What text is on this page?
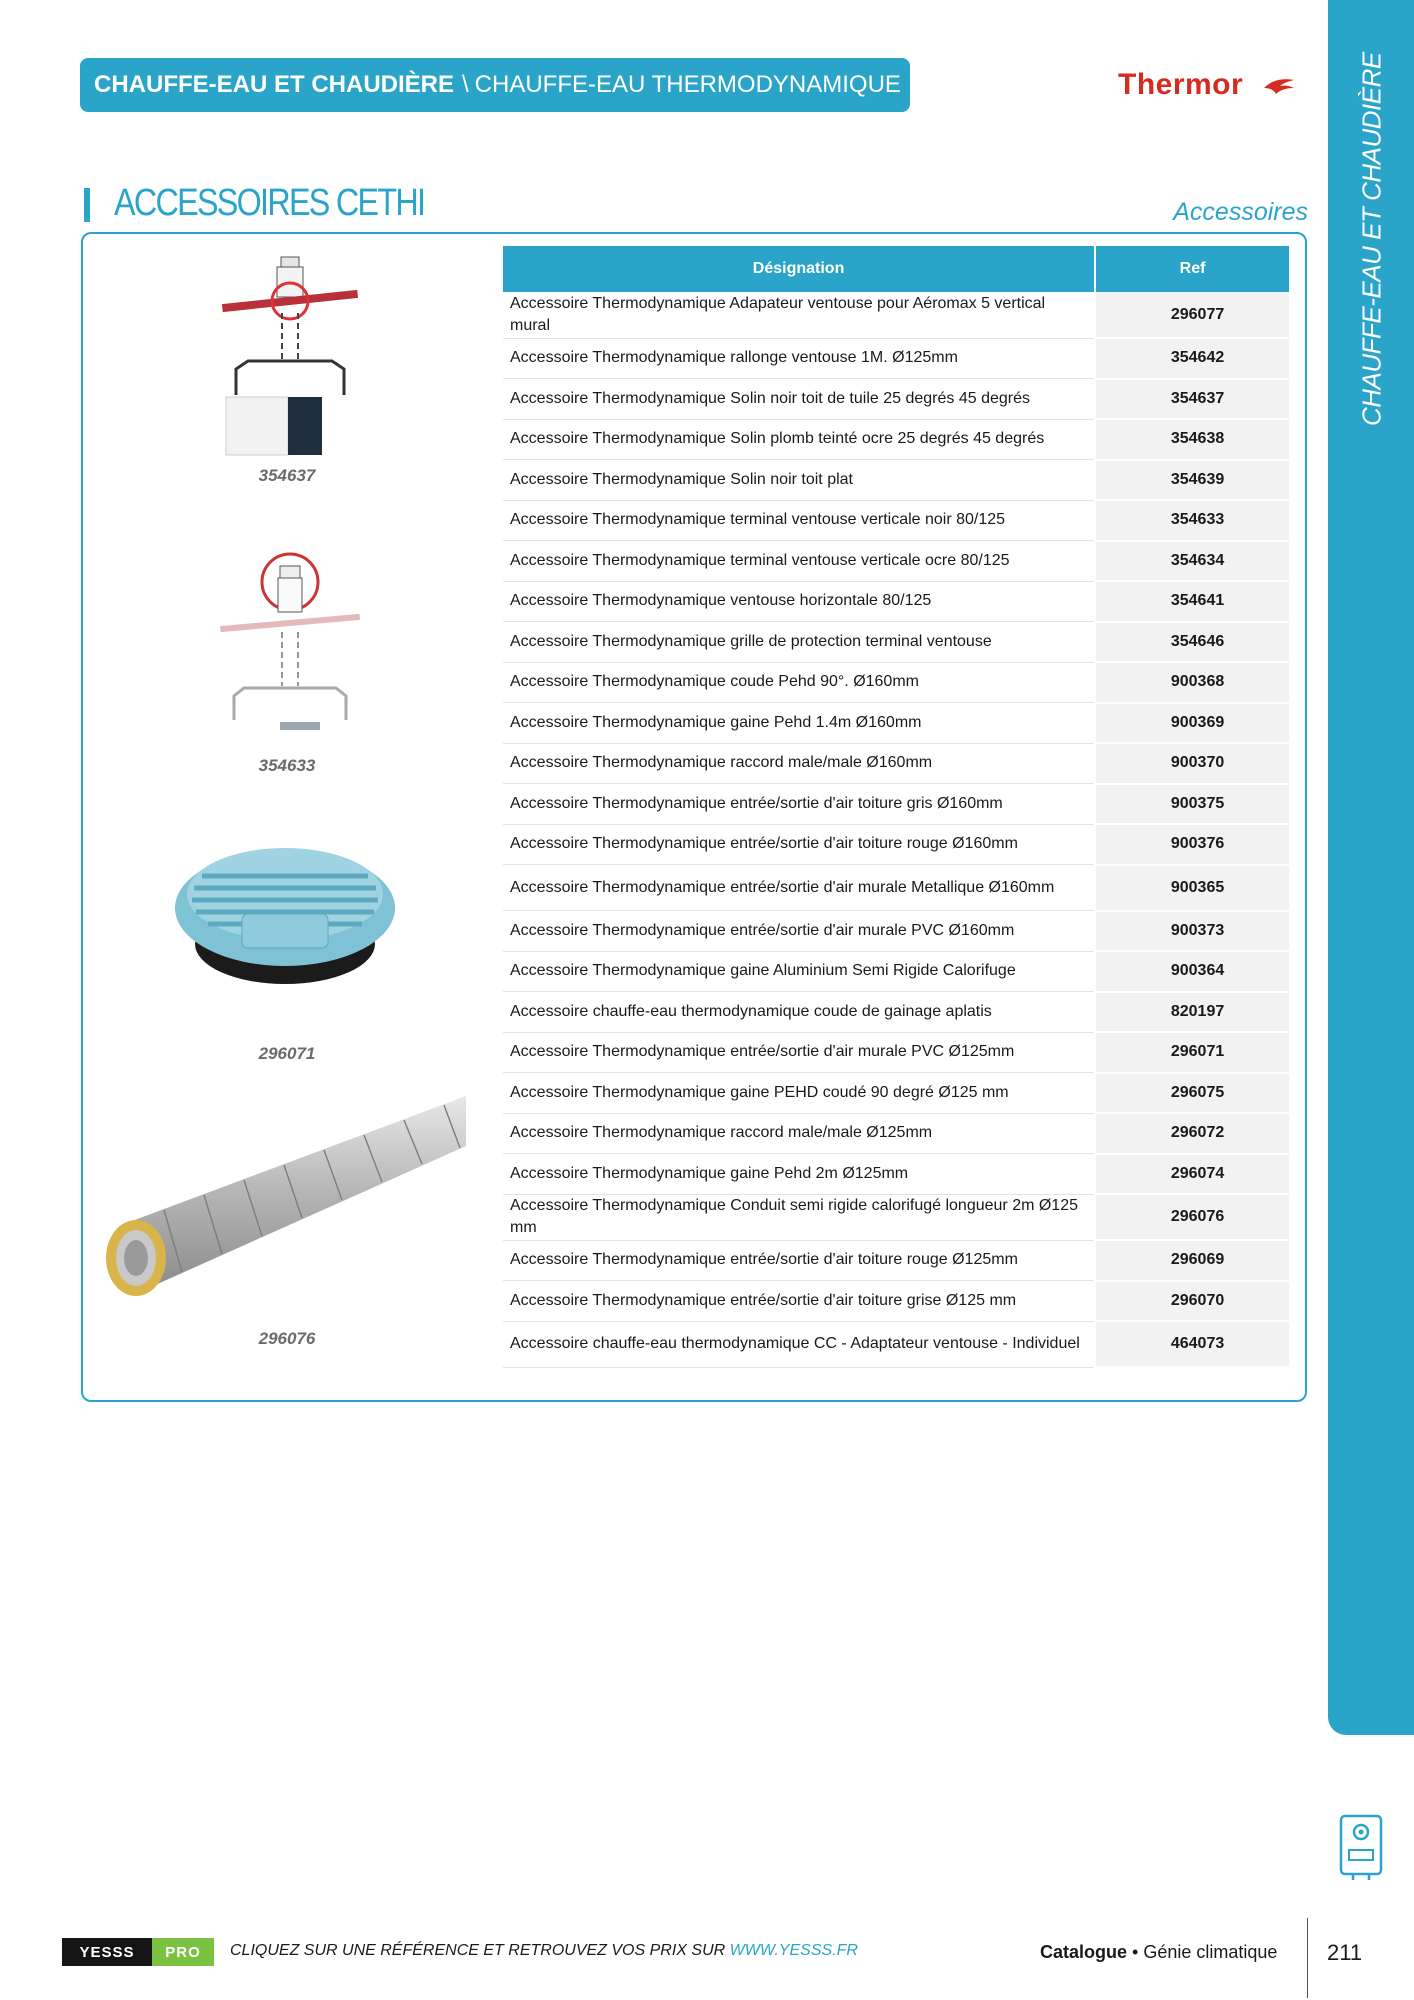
CHAUFFE-EAU ET CHAUDIÈRE \ CHAUFFE-EAU THERMODYNAMIQUE	Thermor	CHAUFFE-EAU ET CHAUDIÈRE
ACCESSOIRES CETHI	Accessoires
354637
354633
296071
296076
Désignation	Ref
Accessoire Thermodynamique Adapateur ventouse pour Aéromax 5 vertical mural	296077
Accessoire Thermodynamique rallonge ventouse 1M. Ø125mm	354642
Accessoire Thermodynamique Solin noir toit de tuile 25 degrés 45 degrés	354637
Accessoire Thermodynamique Solin plomb teinté ocre 25 degrés 45 degrés	354638
Accessoire Thermodynamique Solin noir toit plat	354639
Accessoire Thermodynamique terminal ventouse verticale noir 80/125	354633
Accessoire Thermodynamique terminal ventouse verticale ocre 80/125	354634
Accessoire Thermodynamique ventouse horizontale 80/125	354641
Accessoire Thermodynamique grille de protection terminal ventouse	354646
Accessoire Thermodynamique coude Pehd 90°. Ø160mm	900368
Accessoire Thermodynamique gaine Pehd 1.4m Ø160mm	900369
Accessoire Thermodynamique raccord male/male Ø160mm	900370
Accessoire Thermodynamique entrée/sortie d'air toiture gris Ø160mm	900375
Accessoire Thermodynamique entrée/sortie d'air toiture rouge Ø160mm	900376
Accessoire Thermodynamique entrée/sortie d'air murale Metallique Ø160mm	900365
Accessoire Thermodynamique entrée/sortie d'air murale PVC Ø160mm	900373
Accessoire Thermodynamique gaine Aluminium Semi Rigide Calorifuge	900364
Accessoire chauffe-eau thermodynamique coude de gainage aplatis	820197
Accessoire Thermodynamique entrée/sortie d'air murale PVC Ø125mm	296071
Accessoire Thermodynamique gaine PEHD coudé 90 degré Ø125 mm	296075
Accessoire Thermodynamique raccord male/male Ø125mm	296072
Accessoire Thermodynamique gaine Pehd 2m Ø125mm	296074
Accessoire Thermodynamique Conduit semi rigide calorifugé longueur 2m Ø125 mm	296076
Accessoire Thermodynamique entrée/sortie d'air toiture rouge Ø125mm	296069
Accessoire Thermodynamique entrée/sortie d'air toiture grise Ø125 mm	296070
Accessoire chauffe-eau thermodynamique CC - Adaptateur ventouse - Individuel	464073
YESSS	PRO	CLIQUEZ SUR UNE RÉFÉRENCE ET RETROUVEZ VOS PRIX SUR WWW.YESSS.FR	Catalogue • Génie climatique 211
